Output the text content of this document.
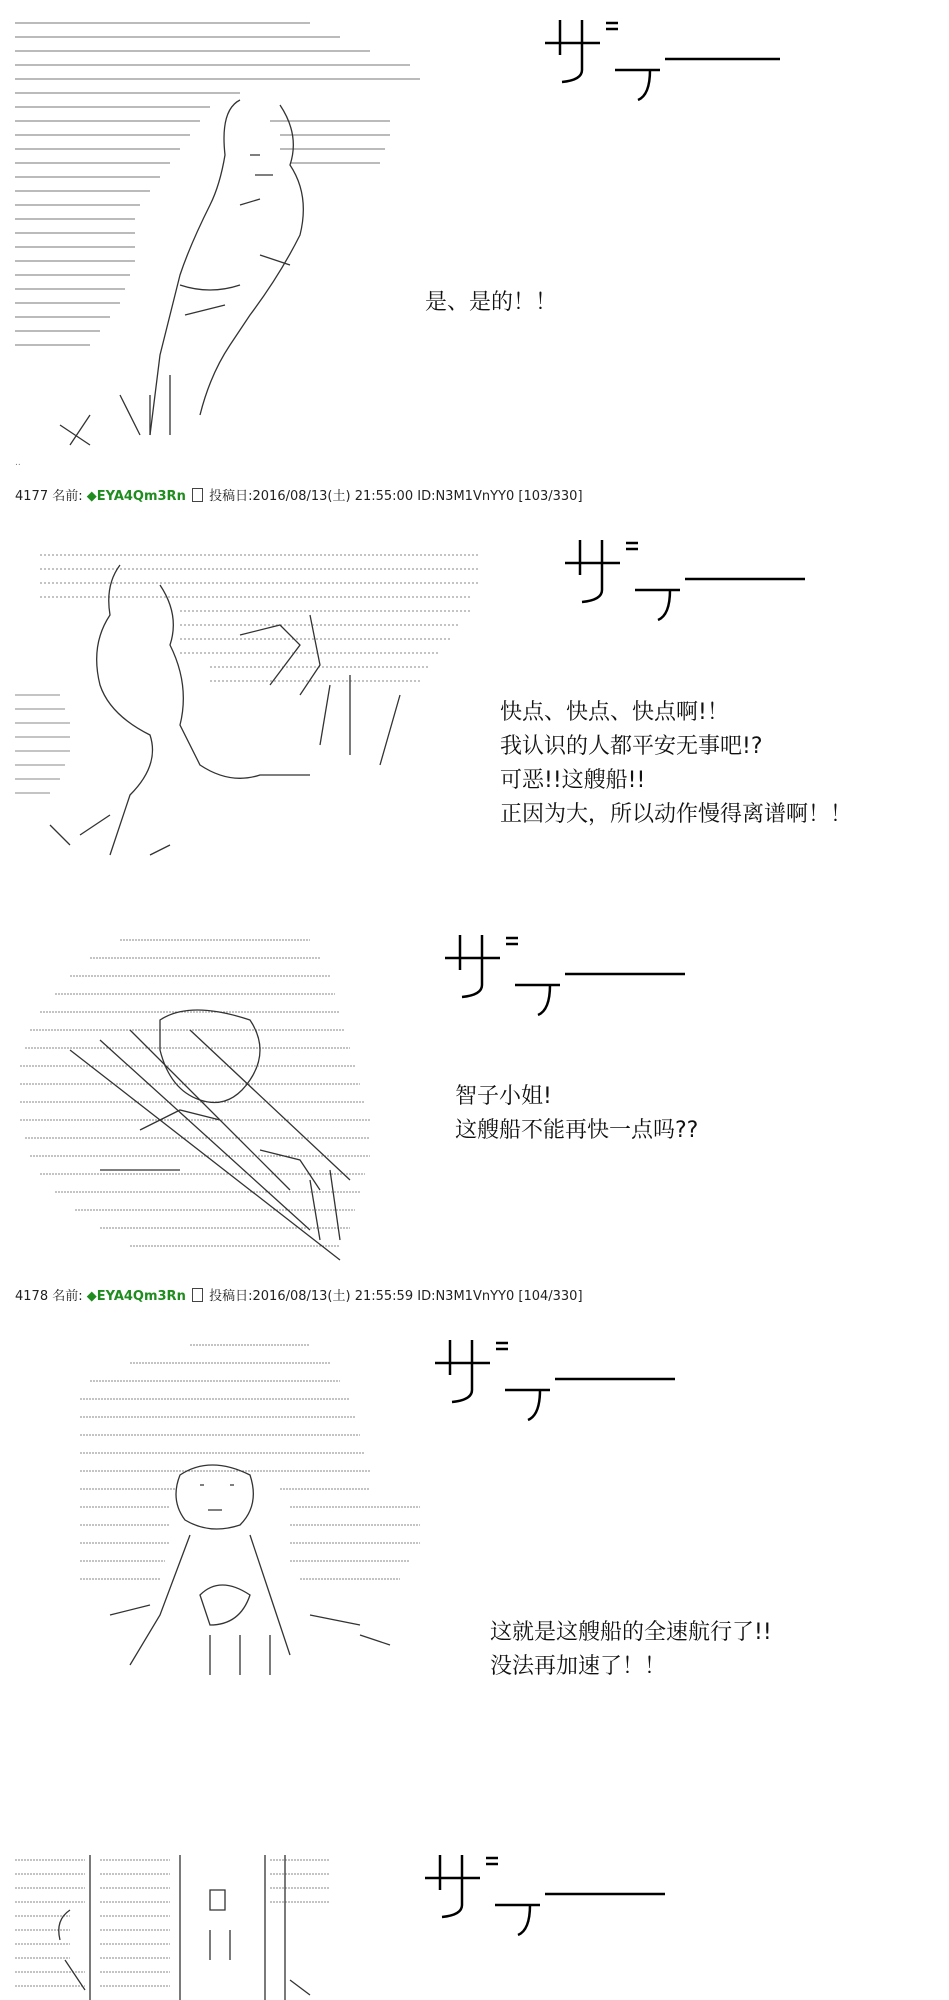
是、是的！！
..
4177 名前: ◆EYA4Qm3Rn 投稿日:2016/08/13(土) 21:55:00 ID:N3M1VnYY0 [103/330]
快点、快点、快点啊!！
我认识的人都平安无事吧!?
可恶!!这艘船!!
正因为大，所以动作慢得离谱啊！！
智子小姐!
这艘船不能再快一点吗??
4178 名前: ◆EYA4Qm3Rn 投稿日:2016/08/13(土) 21:55:59 ID:N3M1VnYY0 [104/330]
这就是这艘船的全速航行了!!
没法再加速了！！
